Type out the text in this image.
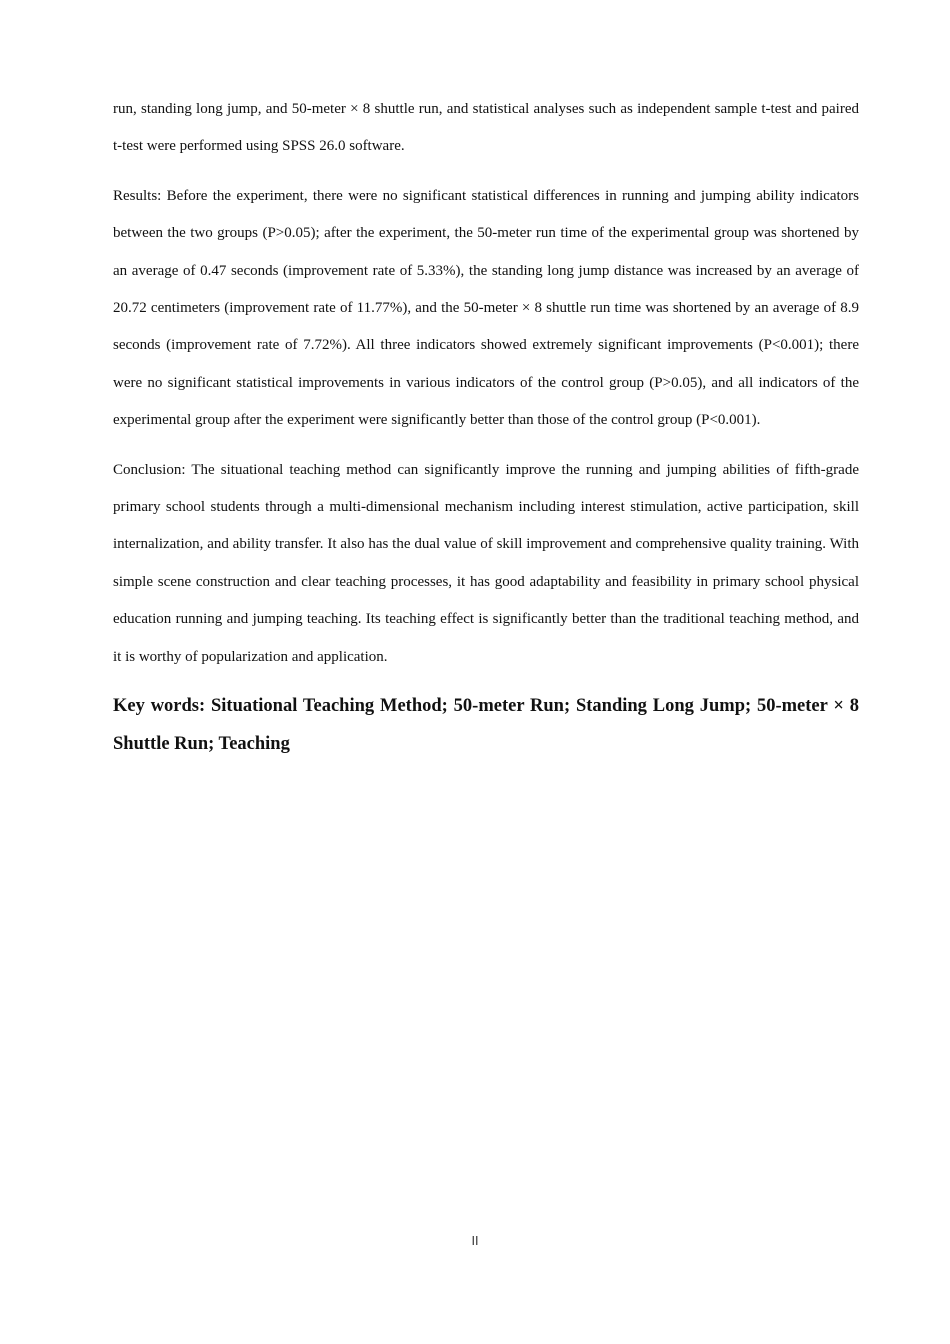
run, standing long jump, and 50-meter × 8 shuttle run, and statistical analyses such as independent sample t-test and paired t-test were performed using SPSS 26.0 software.

Results: Before the experiment, there were no significant statistical differences in running and jumping ability indicators between the two groups (P>0.05); after the experiment, the 50-meter run time of the experimental group was shortened by an average of 0.47 seconds (improvement rate of 5.33%), the standing long jump distance was increased by an average of 20.72 centimeters (improvement rate of 11.77%), and the 50-meter × 8 shuttle run time was shortened by an average of 8.9 seconds (improvement rate of 7.72%). All three indicators showed extremely significant improvements (P<0.001); there were no significant statistical improvements in various indicators of the control group (P>0.05), and all indicators of the experimental group after the experiment were significantly better than those of the control group (P<0.001).

Conclusion: The situational teaching method can significantly improve the running and jumping abilities of fifth-grade primary school students through a multi-dimensional mechanism including interest stimulation, active participation, skill internalization, and ability transfer. It also has the dual value of skill improvement and comprehensive quality training. With simple scene construction and clear teaching processes, it has good adaptability and feasibility in primary school physical education running and jumping teaching. Its teaching effect is significantly better than the traditional teaching method, and it is worthy of popularization and application.

Key words: Situational Teaching Method; 50-meter Run; Standing Long Jump; 50-meter × 8 Shuttle Run; Teaching

II
